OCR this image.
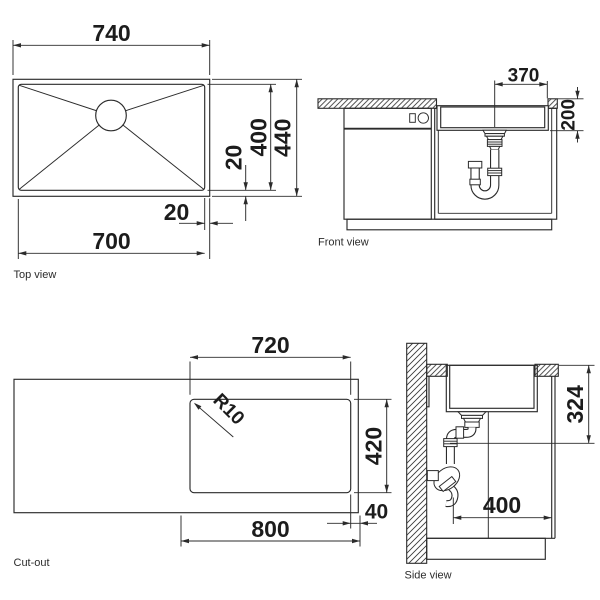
740
400
440
20
20
700
Top view
370
200
Front view
R10
720
420
800
40
Cut-out
324
400
Side view
